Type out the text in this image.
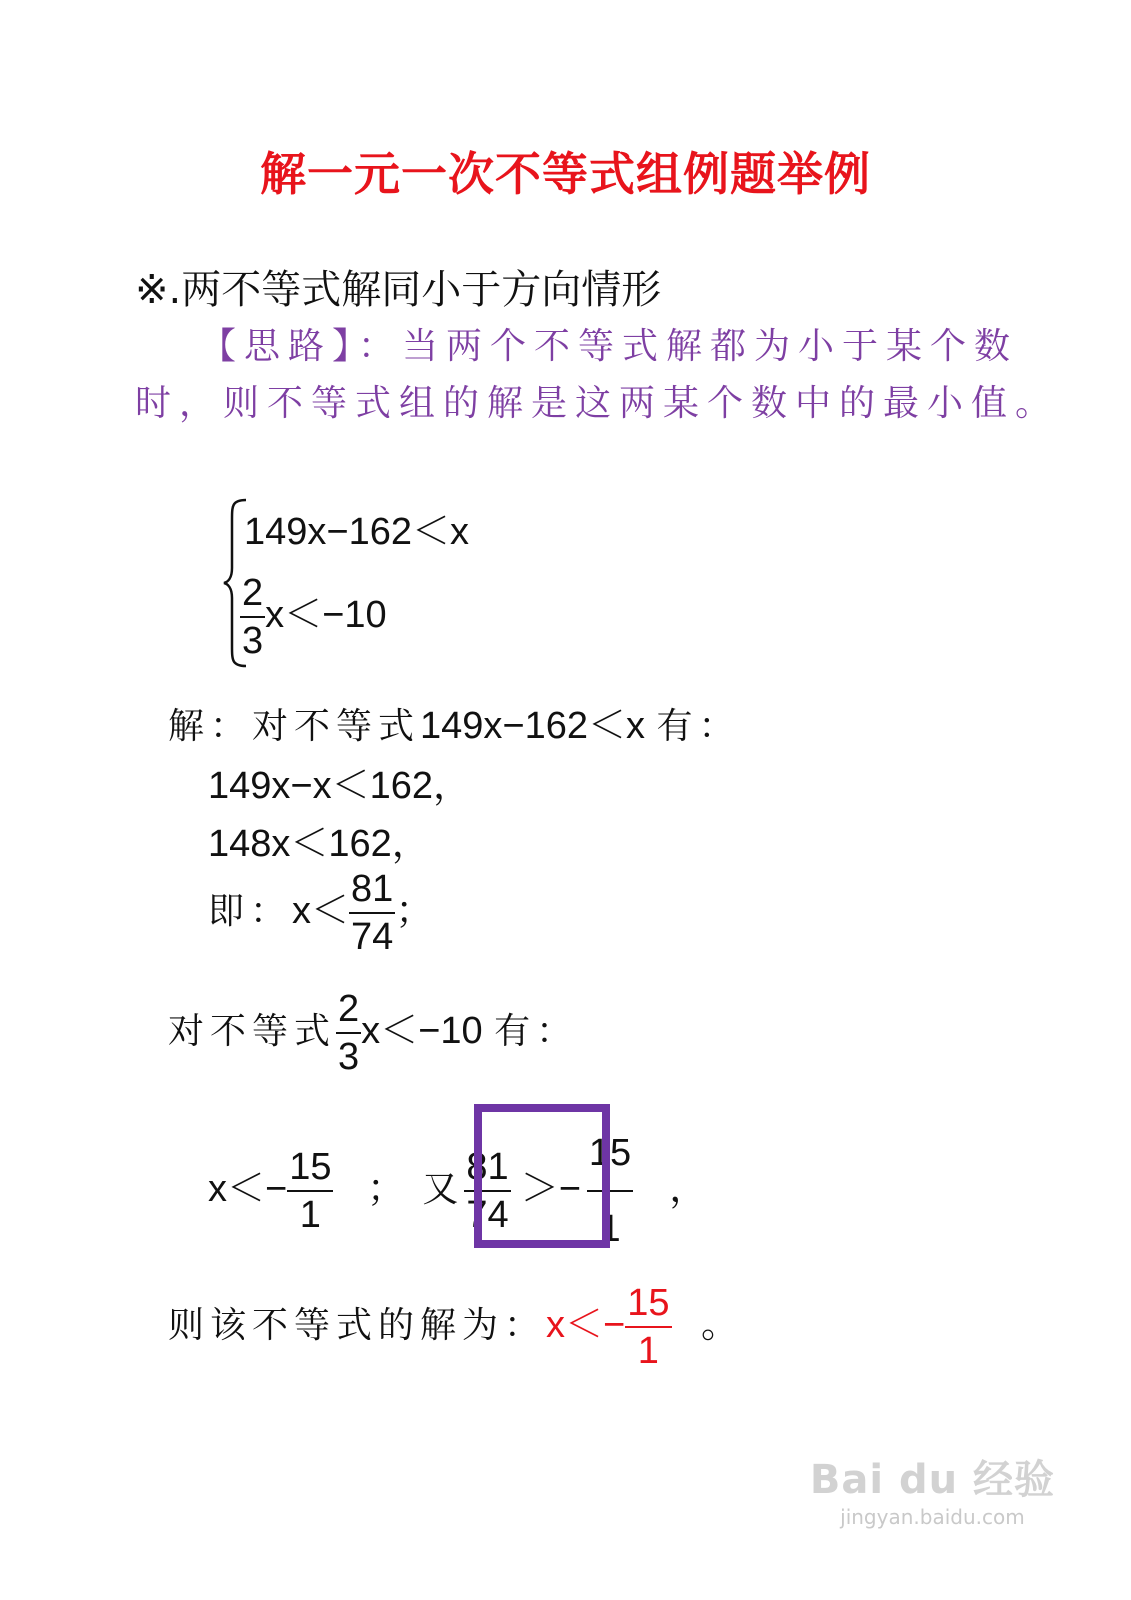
解一元一次不等式组例题举例
※.两不等式解同小于方向情形
【思路】：当两个不等式解都为小于某个数
时，则不等式组的解是这两某个数中的最小值。
149x−162＜x
$\frac{2}{3} x<-10$
解：对不等式149x−162＜x 有：
149x−x＜162，
148x＜162，
即：$x< \frac{81}{74}$ ；
对不等式 $\frac{2}{3} x<-10$ 有：
$x<- \frac{15}{1}$ ； 又 $\frac{81}{74} >- \frac{15}{1}$ ，
则该不等式的解为：$x<- \frac{15}{1}$ 。
Bai du 经验
jingyan.baidu.com
